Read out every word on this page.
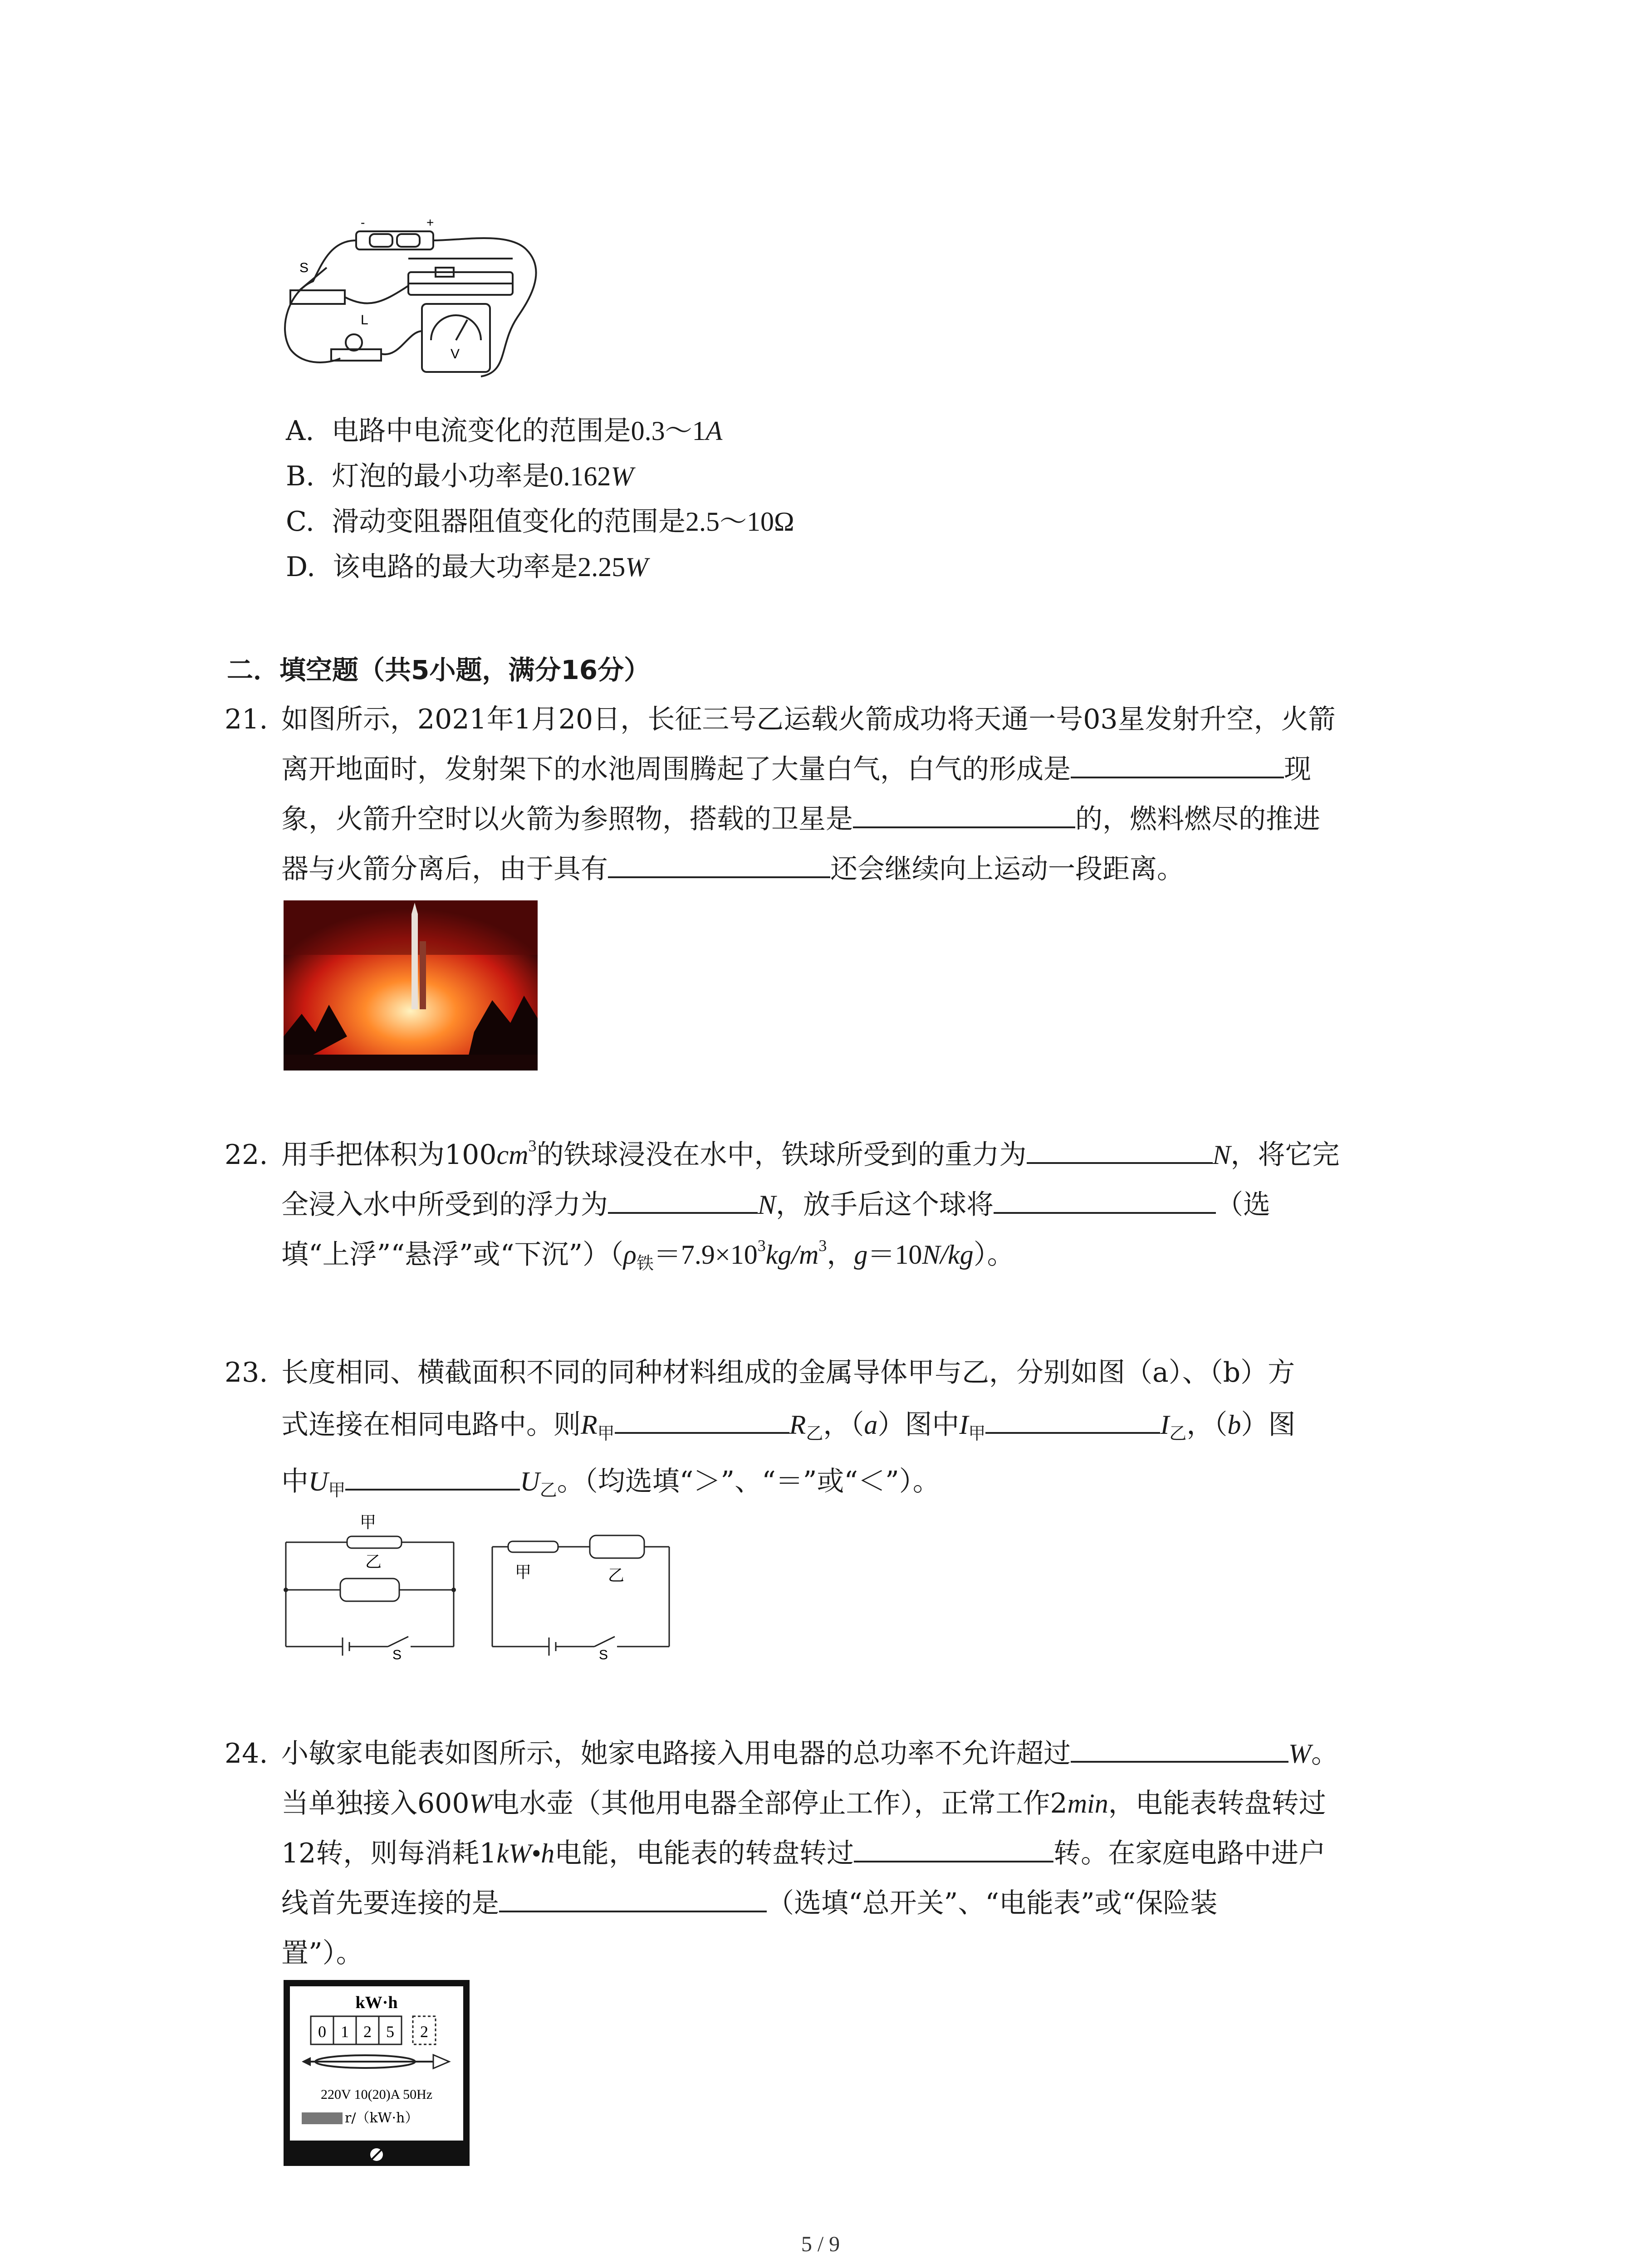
-	+
S
L
V
A. 电路中电流变化的范围是0.3～1A
B. 灯泡的最小功率是0.162W
C. 滑动变阻器阻值变化的范围是2.5～10Ω
D. 该电路的最大功率是2.25W
二．填空题（共5小题，满分16分）
21. 如图所示，2021年1月20日，长征三号乙运载火箭成功将天通一号03星发射升空，火箭
离开地面时，发射架下的水池周围腾起了大量白气，白气的形成是	现
象，火箭升空时以火箭为参照物，搭载的卫星是	的，燃料燃尽的推进
器与火箭分离后，由于具有	还会继续向上运动一段距离。
22. 用手把体积为$100cm^3$的铁球浸没在水中，铁球所受到的重力为	N，将它完
全浸入水中所受到的浮力为	N，放手后这个球将	（选
填“上浮”“悬浮”或“下沉$”)(\rho_铁=7.9\times 10^3kg/m^3$，g＝10N/kg）。
23. 长度相同、横截面积不同的同种材料组成的金属导体甲与乙，分别如图（a）、（b）方
式连接在相同电路中。则$R_甲$	$R_乙$，（a）图中$I_甲$	$I_乙$，（b）图
中$U_甲$	$U_乙$。（均选填“＞”、“＝”或“＜”）。
甲
乙
S
甲	乙
S
24. 小敏家电能表如图所示，她家电路接入用电器的总功率不允许超过	W。
当单独接入600W电水壶（其他用电器全部停止工作），正常工作2min，电能表转盘转过
12转，则每消耗1kW•h电能，电能表的转盘转过	转。在家庭电路中进户
线首先要连接的是	（选填“总开关”、“电能表”或“保险装
置”）。
kW·h
0 1 2 5 2
220V 10(20)A 50Hz
r/（kW·h）
5 / 9
